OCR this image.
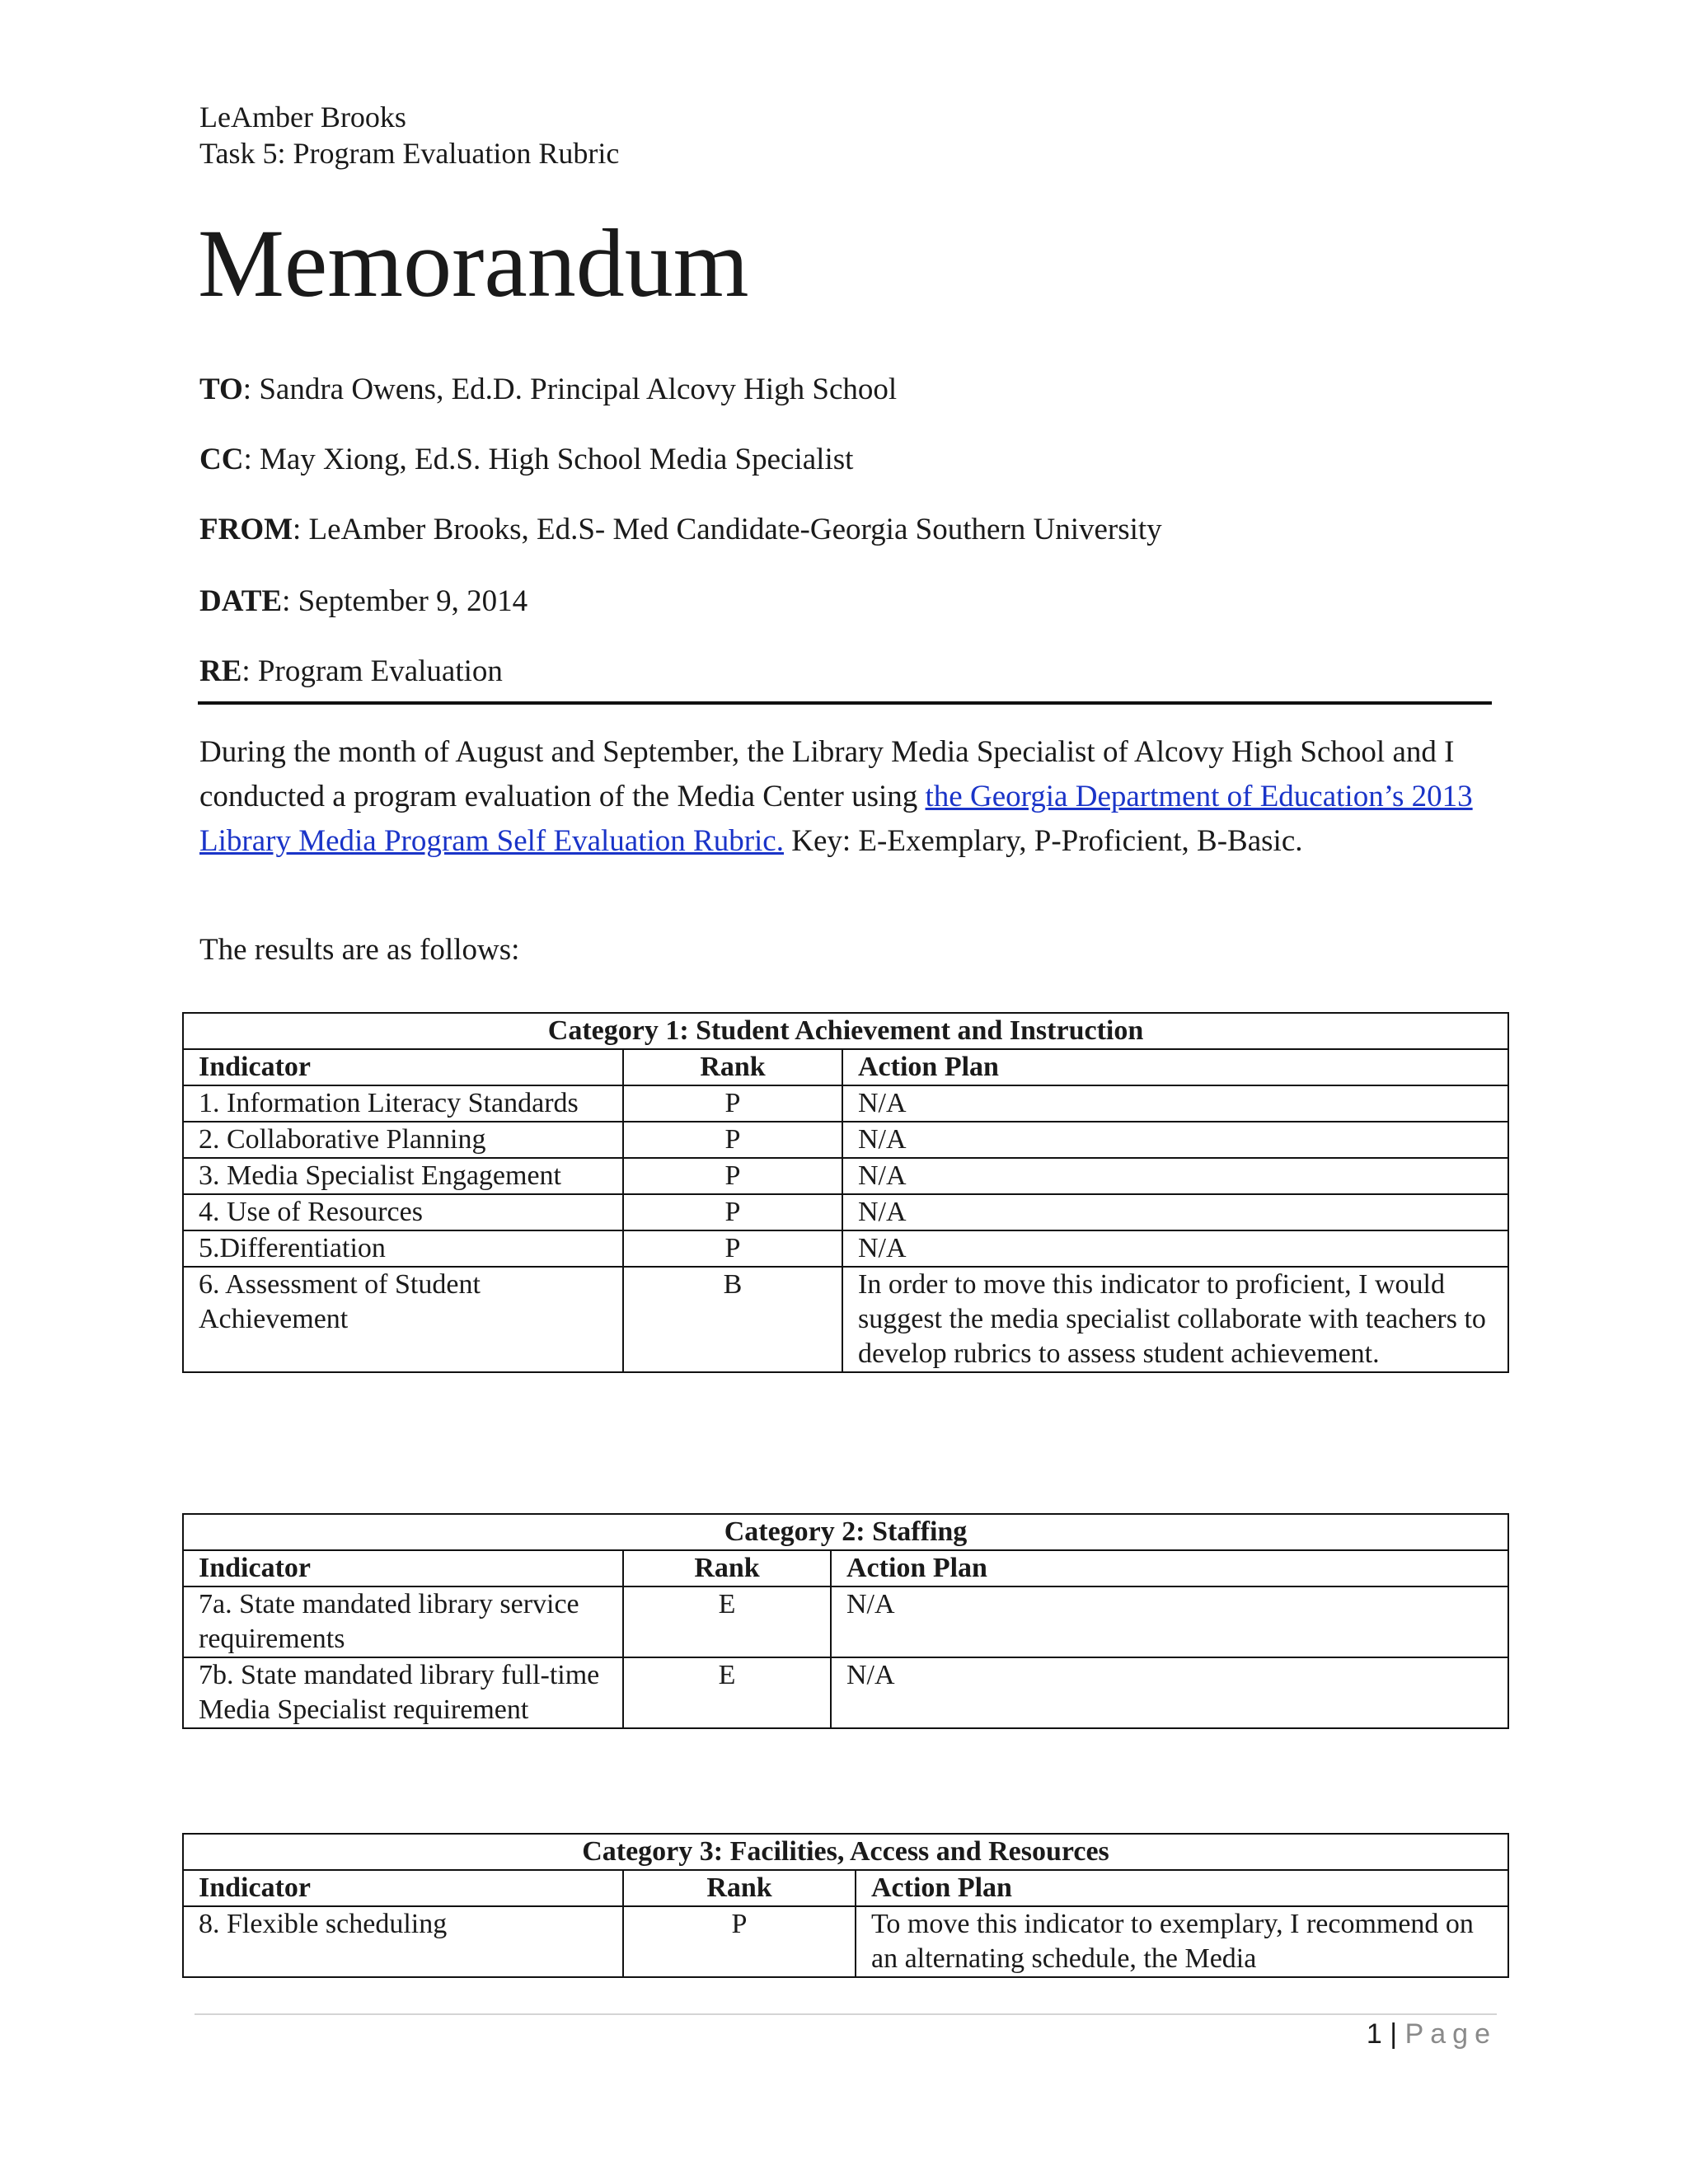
LeAmber Brooks
Task 5: Program Evaluation Rubric
Memorandum
TO: Sandra Owens, Ed.D. Principal Alcovy High School
CC: May Xiong, Ed.S. High School Media Specialist
FROM: LeAmber Brooks, Ed.S- Med Candidate-Georgia Southern University
DATE: September 9, 2014
RE: Program Evaluation
During the month of August and September, the Library Media Specialist of Alcovy High School and I conducted a program evaluation of the Media Center using the Georgia Department of Education’s 2013 Library Media Program Self Evaluation Rubric. Key: E-Exemplary, P-Proficient, B-Basic.
The results are as follows:
Category 1: Student Achievement and Instruction		
Indicator	Rank	Action Plan
1. Information Literacy Standards	P	N/A
2. Collaborative Planning	P	N/A
3. Media Specialist Engagement	P	N/A
4. Use of Resources	P	N/A
5.Differentiation	P	N/A
6. Assessment of Student Achievement	B	In order to move this indicator to proficient, I would suggest the media specialist collaborate with teachers to develop rubrics to assess student achievement.
Category 2: Staffing		
Indicator	Rank	Action Plan
7a. State mandated library service requirements	E	N/A
7b. State mandated library full-time Media Specialist requirement	E	N/A
Category 3: Facilities, Access and Resources		
Indicator	Rank	Action Plan
8. Flexible scheduling	P	To move this indicator to exemplary, I recommend on an alternating schedule, the Media
1 | Page
